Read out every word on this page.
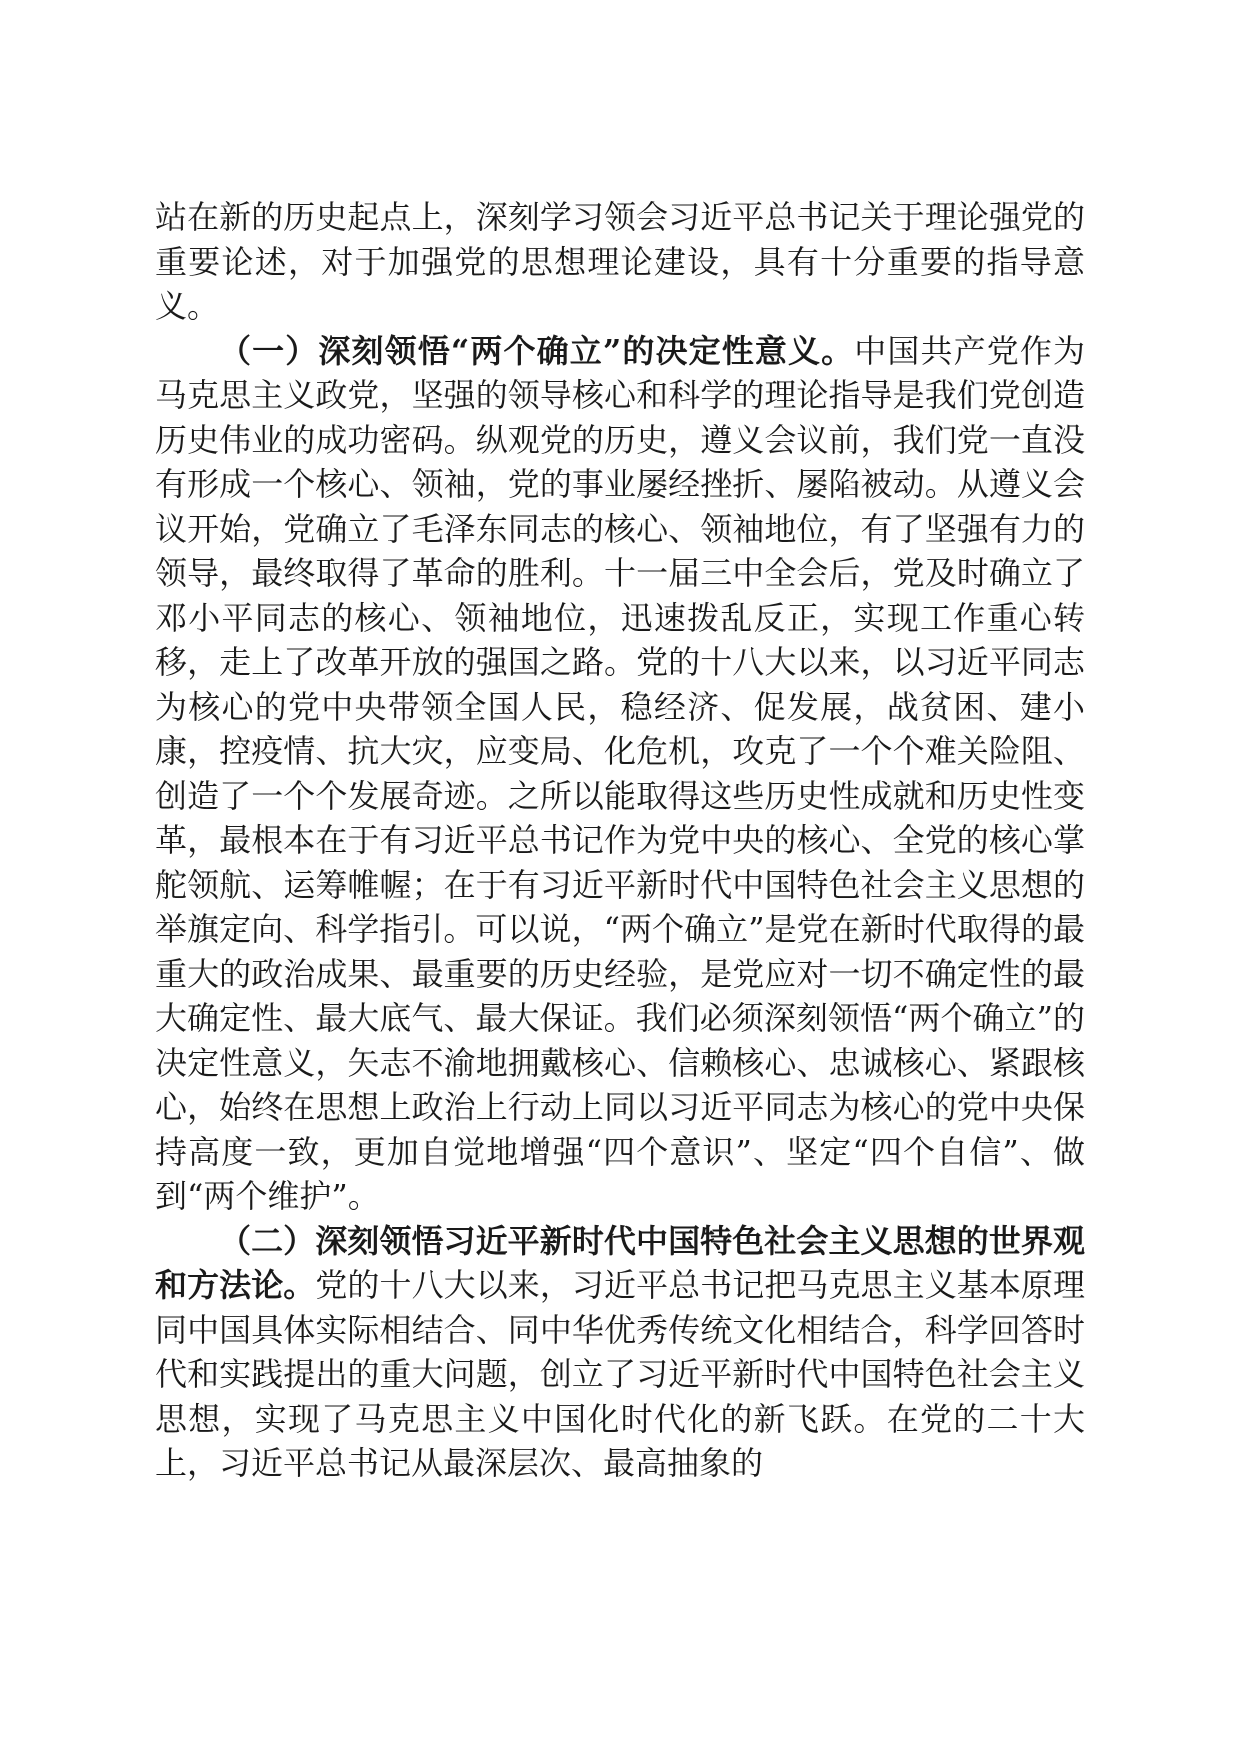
站在新的历史起点上，深刻学习领会习近平总书记关于理论强党的重要论述，对于加强党的思想理论建设，具有十分重要的指导意义。

（一）深刻领悟“两个确立”的决定性意义。中国共产党作为马克思主义政党，坚强的领导核心和科学的理论指导是我们党创造历史伟业的成功密码。纵观党的历史，遵义会议前，我们党一直没有形成一个核心、领袖，党的事业屡经挫折、屡陷被动。从遵义会议开始，党确立了毛泽东同志的核心、领袖地位，有了坚强有力的领导，最终取得了革命的胜利。十一届三中全会后，党及时确立了邓小平同志的核心、领袖地位，迅速拨乱反正，实现工作重心转移，走上了改革开放的强国之路。党的十八大以来，以习近平同志为核心的党中央带领全国人民，稳经济、促发展，战贫困、建小康，控疫情、抗大灾，应变局、化危机，攻克了一个个难关险阻、创造了一个个发展奇迹。之所以能取得这些历史性成就和历史性变革，最根本在于有习近平总书记作为党中央的核心、全党的核心掌舵领航、运筹帷幄；在于有习近平新时代中国特色社会主义思想的举旗定向、科学指引。可以说，“两个确立”是党在新时代取得的最重大的政治成果、最重要的历史经验，是党应对一切不确定性的最大确定性、最大底气、最大保证。我们必须深刻领悟“两个确立”的决定性意义，矢志不渝地拥戴核心、信赖核心、忠诚核心、紧跟核心，始终在思想上政治上行动上同以习近平同志为核心的党中央保持高度一致，更加自觉地增强“四个意识”、坚定“四个自信”、做到“两个维护”。

（二）深刻领悟习近平新时代中国特色社会主义思想的世界观和方法论。党的十八大以来，习近平总书记把马克思主义基本原理同中国具体实际相结合、同中华优秀传统文化相结合，科学回答时代和实践提出的重大问题，创立了习近平新时代中国特色社会主义思想，实现了马克思主义中国化时代化的新飞跃。在党的二十大上，习近平总书记从最深层次、最高抽象的
